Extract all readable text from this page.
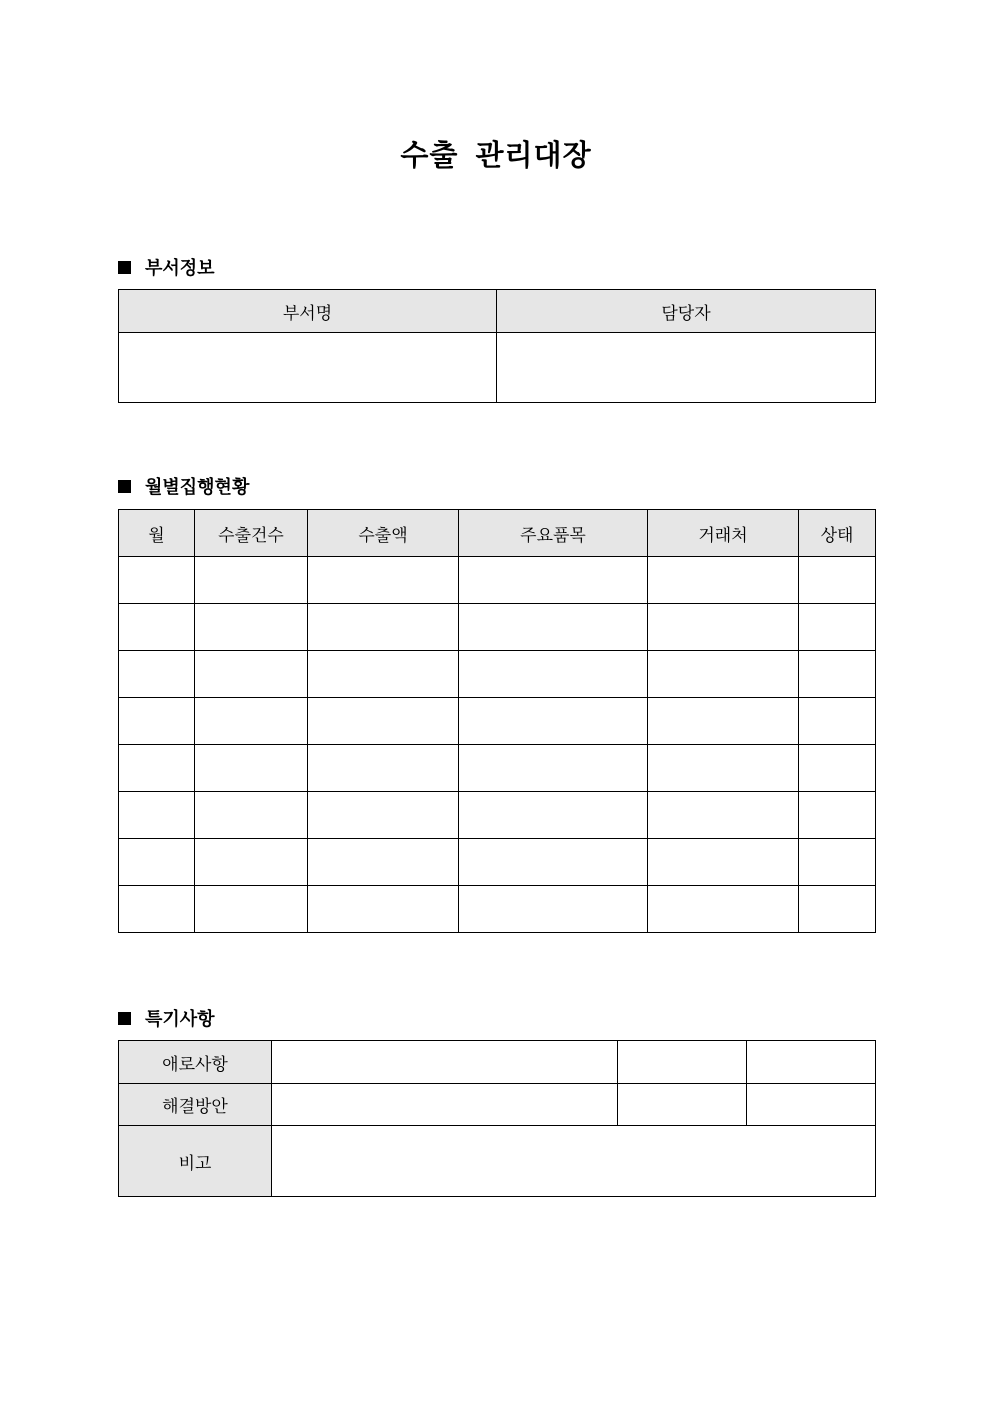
수출 관리대장
부서정보
부서명	담당자

월별집행현황
월	수출건수	수출액	주요품목	거래처	상태

특기사항
애로사항			
해결방안			
비고			
